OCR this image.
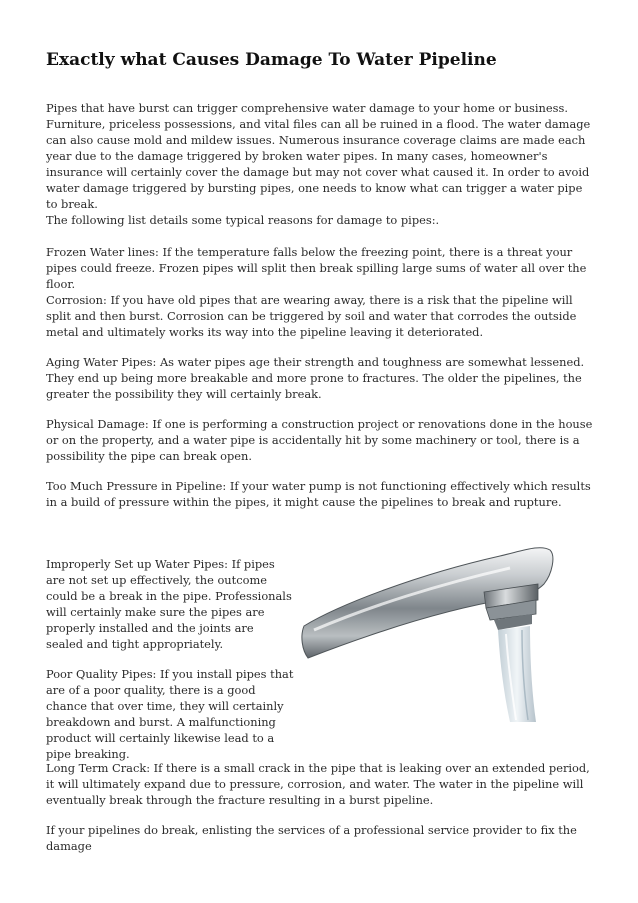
Exactly what Causes Damage To Water Pipeline

Pipes that have burst can trigger comprehensive water damage to your home or business. Furniture, priceless possessions, and vital files can all be ruined in a flood. The water damage can also cause mold and mildew issues. Numerous insurance coverage claims are made each year due to the damage triggered by broken water pipes. In many cases, homeowner's insurance will certainly cover the damage but may not cover what caused it. In order to avoid water damage triggered by bursting pipes, one needs to know what can trigger a water pipe to break.

The following list details some typical reasons for damage to pipes:.

Frozen Water lines: If the temperature falls below the freezing point, there is a threat your pipes could freeze. Frozen pipes will split then break spilling large sums of water all over the floor.

Corrosion: If you have old pipes that are wearing away, there is a risk that the pipeline will split and then burst. Corrosion can be triggered by soil and water that corrodes the outside metal and ultimately works its way into the pipeline leaving it deteriorated.

Aging Water Pipes: As water pipes age their strength and toughness are somewhat lessened. They end up being more breakable and more prone to fractures. The older the pipelines, the greater the possibility they will certainly break.

Physical Damage: If one is performing a construction project or renovations done in the house or on the property, and a water pipe is accidentally hit by some machinery or tool, there is a possibility the pipe can break open.

Too Much Pressure in Pipeline: If your water pump is not functioning effectively which results in a build of pressure within the pipes, it might cause the pipelines to break and rupture.

Improperly Set up Water Pipes: If pipes are not set up effectively, the outcome could be a break in the pipe. Professionals will certainly make sure the pipes are properly installed and the joints are sealed and tight appropriately.

Poor Quality Pipes: If you install pipes that are of a poor quality, there is a good chance that over time, they will certainly breakdown and burst. A malfunctioning product will certainly likewise lead to a pipe breaking.

Long Term Crack: If there is a small crack in the pipe that is leaking over an extended period, it will ultimately expand due to pressure, corrosion, and water. The water in the pipeline will eventually break through the fracture resulting in a burst pipeline.

If your pipelines do break, enlisting the services of a professional service provider to fix the damage
